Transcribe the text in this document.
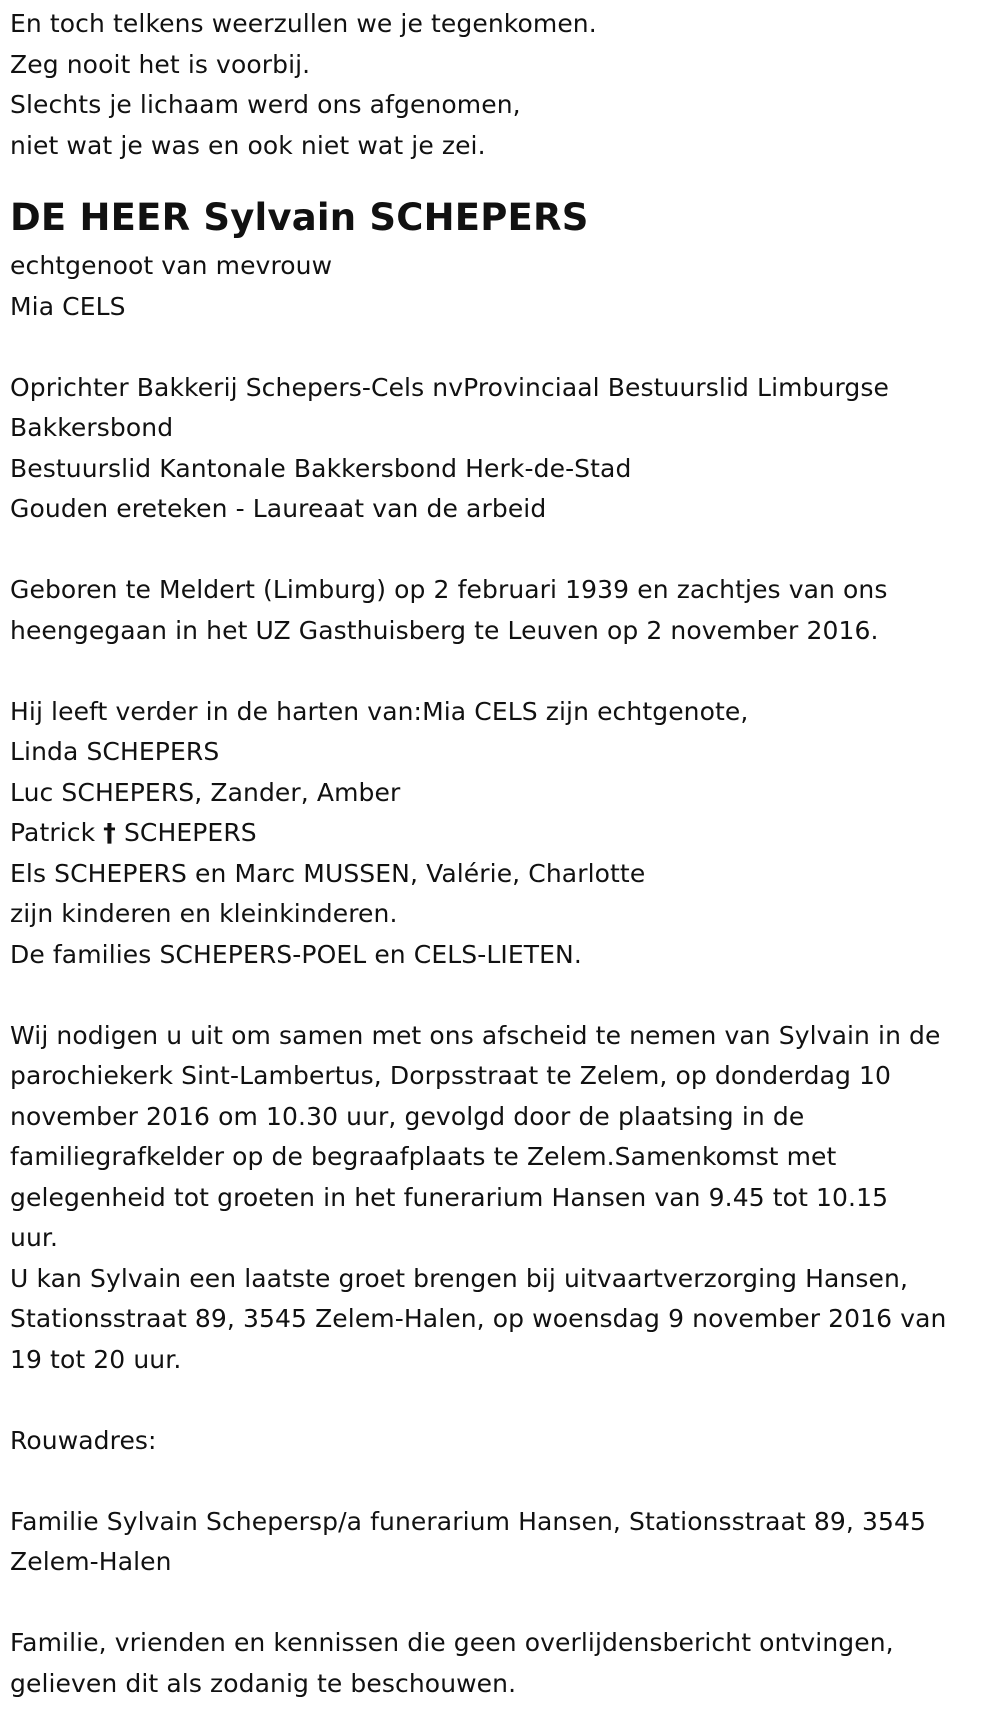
En toch telkens weerzullen we je tegenkomen.
Zeg nooit het is voorbij.
Slechts je lichaam werd ons afgenomen,
niet wat je was en ook niet wat je zei.
DE HEER Sylvain SCHEPERS
echtgenoot van mevrouw
Mia CELS
Oprichter Bakkerij Schepers-Cels nvProvinciaal Bestuurslid Limburgse
Bakkersbond
Bestuurslid Kantonale Bakkersbond Herk-de-Stad
Gouden ereteken - Laureaat van de arbeid
Geboren te Meldert (Limburg) op 2 februari 1939 en zachtjes van ons
heengegaan in het UZ Gasthuisberg te Leuven op 2 november 2016.
Hij leeft verder in de harten van:Mia CELS zijn echtgenote,
Linda SCHEPERS
Luc SCHEPERS, Zander, Amber
Patrick † SCHEPERS
Els SCHEPERS en Marc MUSSEN, Valérie, Charlotte
zijn kinderen en kleinkinderen.
De families SCHEPERS-POEL en CELS-LIETEN.
Wij nodigen u uit om samen met ons afscheid te nemen van Sylvain in de
parochiekerk Sint-Lambertus, Dorpsstraat te Zelem, op donderdag 10
november 2016 om 10.30 uur, gevolgd door de plaatsing in de
familiegrafkelder op de begraafplaats te Zelem.Samenkomst met
gelegenheid tot groeten in het funerarium Hansen van 9.45 tot 10.15
uur.
U kan Sylvain een laatste groet brengen bij uitvaartverzorging Hansen,
Stationsstraat 89, 3545 Zelem-Halen, op woensdag 9 november 2016 van
19 tot 20 uur.
Rouwadres:
Familie Sylvain Schepersp/a funerarium Hansen, Stationsstraat 89, 3545
Zelem-Halen
Familie, vrienden en kennissen die geen overlijdensbericht ontvingen,
gelieven dit als zodanig te beschouwen.
